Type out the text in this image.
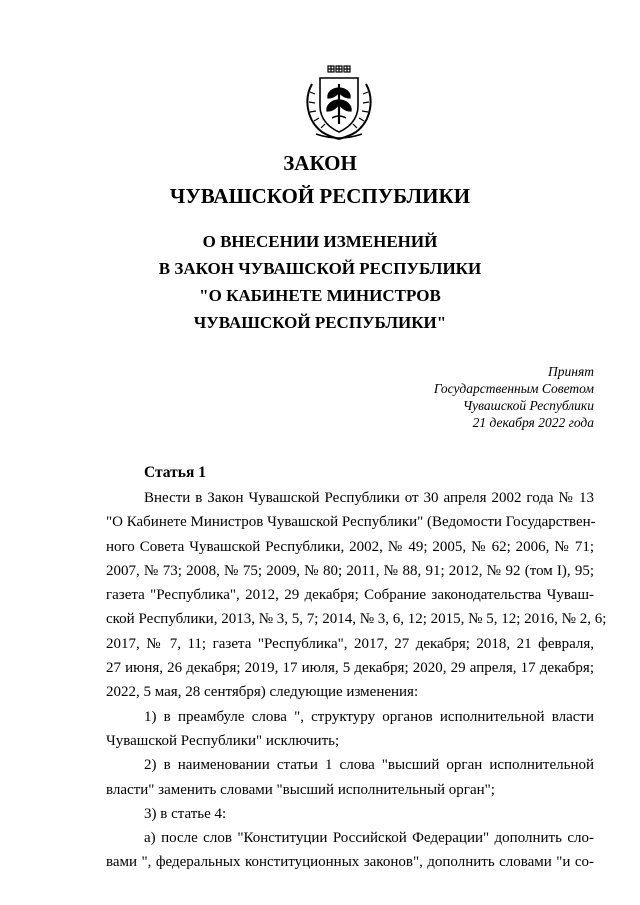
ЗАКОН
ЧУВАШСКОЙ РЕСПУБЛИКИ
О ВНЕСЕНИИ ИЗМЕНЕНИЙ
В ЗАКОН ЧУВАШСКОЙ РЕСПУБЛИКИ
"О КАБИНЕТЕ МИНИСТРОВ
ЧУВАШСКОЙ РЕСПУБЛИКИ"
Принят
Государственным Советом
Чувашской Республики
21 декабря 2022 года
Статья 1
Внести в Закон Чувашской Республики от 30 апреля 2002 года № 13
"О Кабинете Министров Чувашской Республики" (Ведомости Государствен-
ного Совета Чувашской Республики, 2002, № 49; 2005, № 62; 2006, № 71;
2007, № 73; 2008, № 75; 2009, № 80; 2011, № 88, 91; 2012, № 92 (том I), 95;
газета "Республика", 2012, 29 декабря; Собрание законодательства Чуваш-
ской Республики, 2013, № 3, 5, 7; 2014, № 3, 6, 12; 2015, № 5, 12; 2016, № 2, 6;
2017, № 7, 11; газета "Республика", 2017, 27 декабря; 2018, 21 февраля,
27 июня, 26 декабря; 2019, 17 июля, 5 декабря; 2020, 29 апреля, 17 декабря;
2022, 5 мая, 28 сентября) следующие изменения:
1) в преамбуле слова ", структуру органов исполнительной власти
Чувашской Республики" исключить;
2) в наименовании статьи 1 слова "высший орган исполнительной
власти" заменить словами "высший исполнительный орган";
3) в статье 4:
а) после слов "Конституции Российской Федерации" дополнить сло-
вами ", федеральных конституционных законов", дополнить словами "и со-
